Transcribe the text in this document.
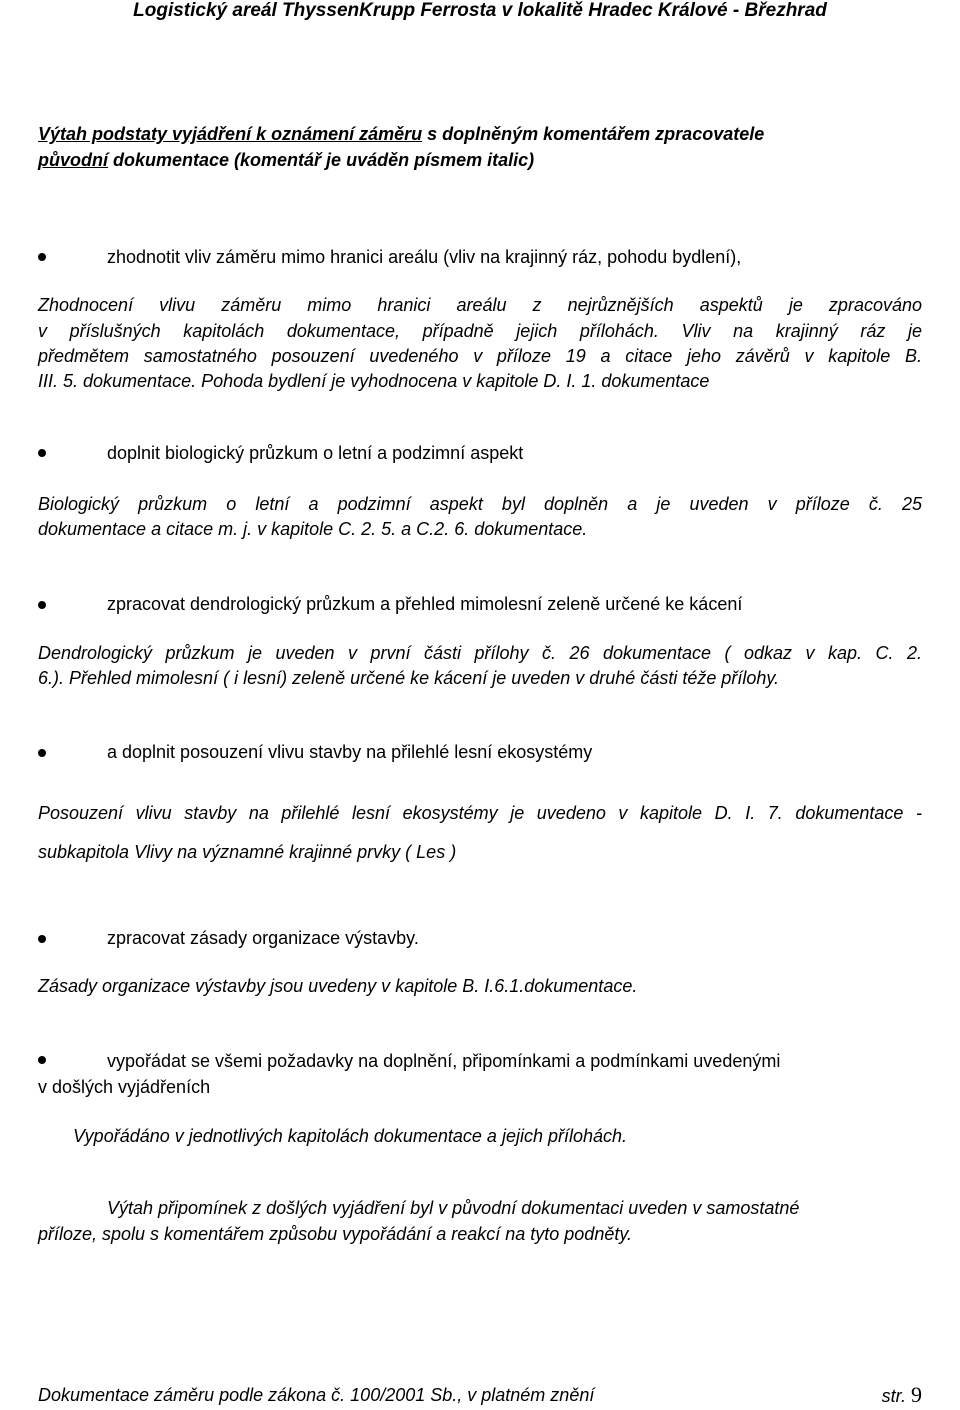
Logistický areál ThyssenKrupp Ferrosta v lokalitě Hradec Králové - Březhrad
Výtah podstaty vyjádření k oznámení záměru s doplněným komentářem zpracovatele
původní dokumentace (komentář je uváděn písmem italic)
zhodnotit vliv záměru mimo hranici areálu (vliv na krajinný ráz, pohodu bydlení),
Zhodnocení vlivu záměru mimo hranici areálu z nejrůznějších aspektů je zpracováno
v příslušných kapitolách dokumentace, případně jejich přílohách. Vliv na krajinný ráz je
předmětem samostatného posouzení uvedeného v příloze 19 a citace jeho závěrů v kapitole B.
III. 5. dokumentace. Pohoda bydlení je vyhodnocena v kapitole D. I. 1. dokumentace
doplnit biologický průzkum o letní a podzimní aspekt
Biologický průzkum o letní a podzimní aspekt byl doplněn a je uveden v příloze č. 25
dokumentace a citace m. j. v kapitole C. 2. 5. a C.2. 6. dokumentace.
zpracovat dendrologický průzkum a přehled mimolesní zeleně určené ke kácení
Dendrologický průzkum je uveden v první části přílohy č. 26 dokumentace ( odkaz v kap. C. 2.
6.). Přehled mimolesní ( i lesní) zeleně určené ke kácení je uveden v druhé části téže přílohy.
a doplnit posouzení vlivu stavby na přilehlé lesní ekosystémy
Posouzení vlivu stavby na přilehlé lesní ekosystémy je uvedeno v kapitole D. I. 7. dokumentace -
subkapitola Vlivy na významné krajinné prvky ( Les )
zpracovat zásady organizace výstavby.
Zásady organizace výstavby jsou uvedeny v kapitole B. I.6.1.dokumentace.
vypořádat se všemi požadavky na doplnění, připomínkami a podmínkami uvedenými
v došlých vyjádřeních
Vypořádáno v jednotlivých kapitolách dokumentace a jejich přílohách.
Výtah připomínek z došlých vyjádření byl v původní dokumentaci uveden v samostatné
příloze, spolu s komentářem způsobu vypořádání a reakcí na tyto podněty.
Dokumentace záměru podle zákona č. 100/2001 Sb., v platném znění	str. 9
